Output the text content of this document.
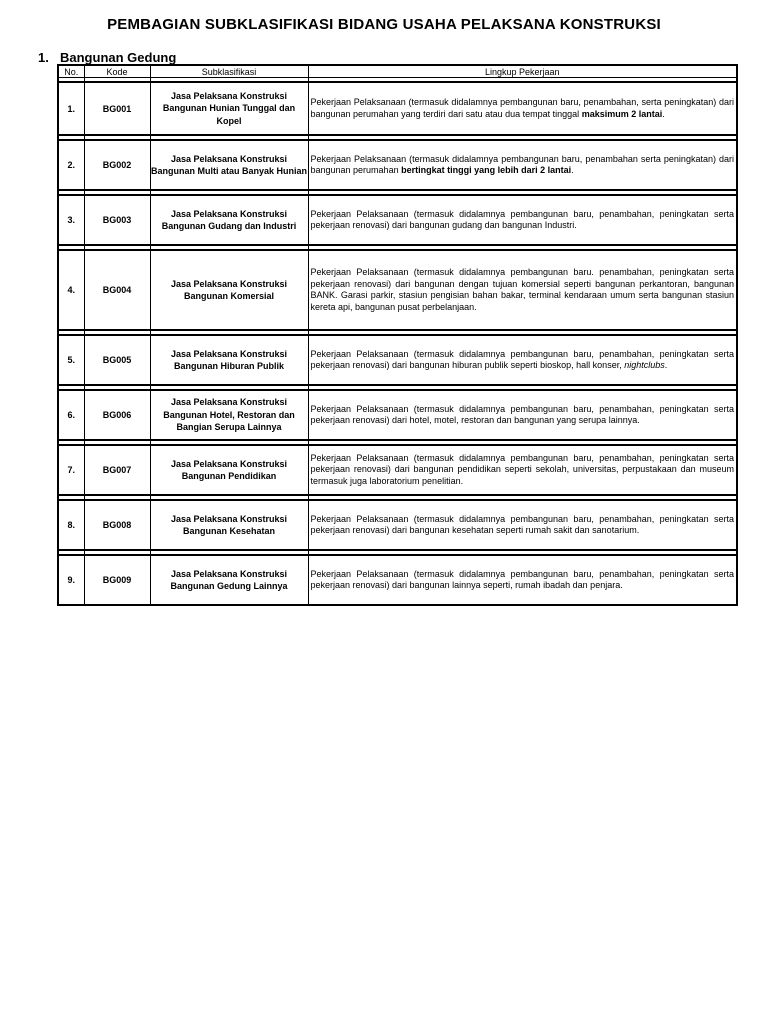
PEMBAGIAN SUBKLASIFIKASI BIDANG USAHA PELAKSANA KONSTRUKSI
1. Bangunan Gedung
No.	Kode	Subklasifikasi	Lingkup Pekerjaan

1.	BG001	Jasa Pelaksana Konstruksi Bangunan Hunian Tunggal dan Kopel	Pekerjaan Pelaksanaan (termasuk didalamnya pembangunan baru, penambahan, serta peningkatan) dari bangunan perumahan yang terdiri dari satu atau dua tempat tinggal maksimum 2 lantai.

2.	BG002	Jasa Pelaksana Konstruksi Bangunan Multi atau Banyak Hunian	Pekerjaan Pelaksanaan (termasuk didalamnya pembangunan baru, penambahan serta peningkatan) dari bangunan perumahan bertingkat tinggi yang lebih dari 2 lantai.

3.	BG003	Jasa Pelaksana Konstruksi Bangunan Gudang dan Industri	Pekerjaan Pelaksanaan (termasuk didalamnya pembangunan baru, penambahan, peningkatan serta pekerjaan renovasi) dari bangunan gudang dan bangunan Industri.

4.	BG004	Jasa Pelaksana Konstruksi Bangunan Komersial	Pekerjaan Pelaksanaan (termasuk didalamnya pembangunan baru. penambahan, peningkatan serta pekerjaan renovasi) dari bangunan dengan tujuan komersial seperti bangunan perkantoran, bangunan BANK. Garasi parkir, stasiun pengisian bahan bakar, terminal kendaraan umum serta bangunan stasiun kereta api, bangunan pusat perbelanjaan.

5.	BG005	Jasa Pelaksana Konstruksi Bangunan Hiburan Publik	Pekerjaan Pelaksanaan (termasuk didalamnya pembangunan baru, penambahan, peningkatan serta pekerjaan renovasi) dari bangunan hiburan publik seperti bioskop, hall konser, nightclubs.

6.	BG006	Jasa Pelaksana Konstruksi Bangunan Hotel, Restoran dan Bangian Serupa Lainnya	Pekerjaan Pelaksanaan (termasuk didalamnya pembangunan baru, penambahan, peningkatan serta pekerjaan renovasi) dari hotel, motel, restoran dan bangunan yang serupa lainnya.

7.	BG007	Jasa Pelaksana Konstruksi Bangunan Pendidikan	Pekerjaan Pelaksanaan (termasuk didalamnya pembangunan baru, penambahan, peningkatan serta pekerjaan renovasi) dari bangunan pendidikan seperti sekolah, universitas, perpustakaan dan museum termasuk juga laboratorium penelitian.

8.	BG008	Jasa Pelaksana Konstruksi Bangunan Kesehatan	Pekerjaan Pelaksanaan (termasuk didalamnya pembangunan baru, penambahan, peningkatan serta pekerjaan renovasi) dari bangunan kesehatan seperti rumah sakit dan sanotarium.

9.	BG009	Jasa Pelaksana Konstruksi Bangunan Gedung Lainnya	Pekerjaan Pelaksanaan (termasuk didalamnya pembangunan baru, penambahan, peningkatan serta pekerjaan renovasi) dari bangunan lainnya seperti, rumah ibadah dan penjara.
